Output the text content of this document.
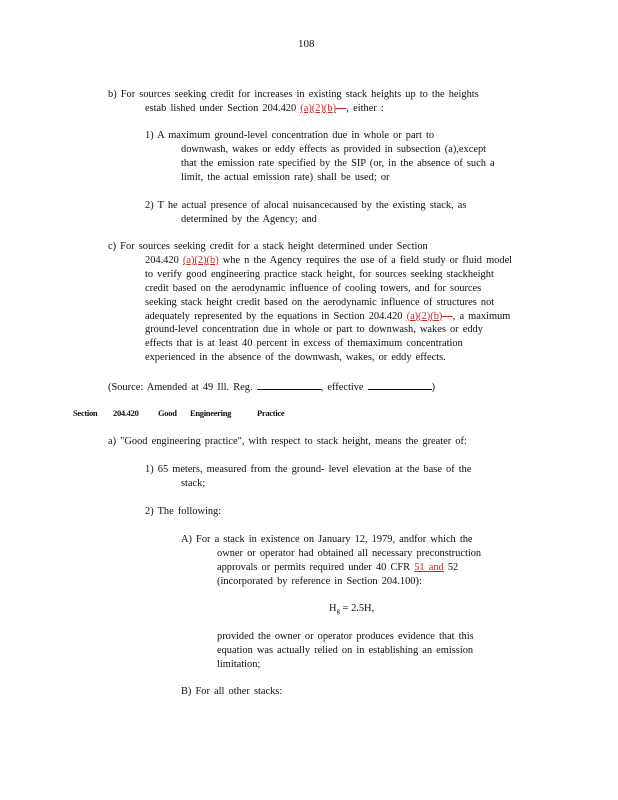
108
b) For sources seeking credit for increases in existing stack heights up to the heights
estab lished under Section 204.420 (a)(2)(b)—, either :
1) A maximum ground-level concentration due in whole or part to
downwash, wakes or eddy effects as provided in subsection (a),except
that the emission rate specified by the SIP (or, in the absence of such a
limit, the actual emission rate) shall be used; or
2) T he actual presence of alocal nuisancecaused by the existing stack, as
determined by the Agency; and
c) For sources seeking credit for a stack height determined under Section
204.420 (a)(2)(b) whe n the Agency requires the use of a field study or fluid model
to verify good engineering practice stack height, for sources seeking stackheight
credit based on the aerodynamic influence of cooling towers, and for sources
seeking stack height credit based on the aerodynamic influence of structures not
adequately represented by the equations in Section 204.420 (a)(2)(b)—, a maximum
ground-level concentration due in whole or part to downwash, wakes or eddy
effects that is at least 40 percent in excess of themaximum concentration
experienced in the absence of the downwash, wakes, or eddy effects.
(Source: Amended at 49 Ill. Reg.	, effective	)
Section 204.420 Good Engineering	Practice
a) "Good engineering practice", with respect to stack height, means the greater of:
1) 65 meters, measured from the ground- level elevation at the base of the
stack;
2) The following:
A) For a stack in existence on January 12, 1979, andfor which the
owner or operator had obtained all necessary preconstruction
approvals or permits required under 40 CFR 51 and 52
(incorporated by reference in Section 204.100):
$H_g = 2.5H$,
provided the owner or operator produces evidence that this
equation was actually relied on in establishing an emission
limitation;
B) For all other stacks:
